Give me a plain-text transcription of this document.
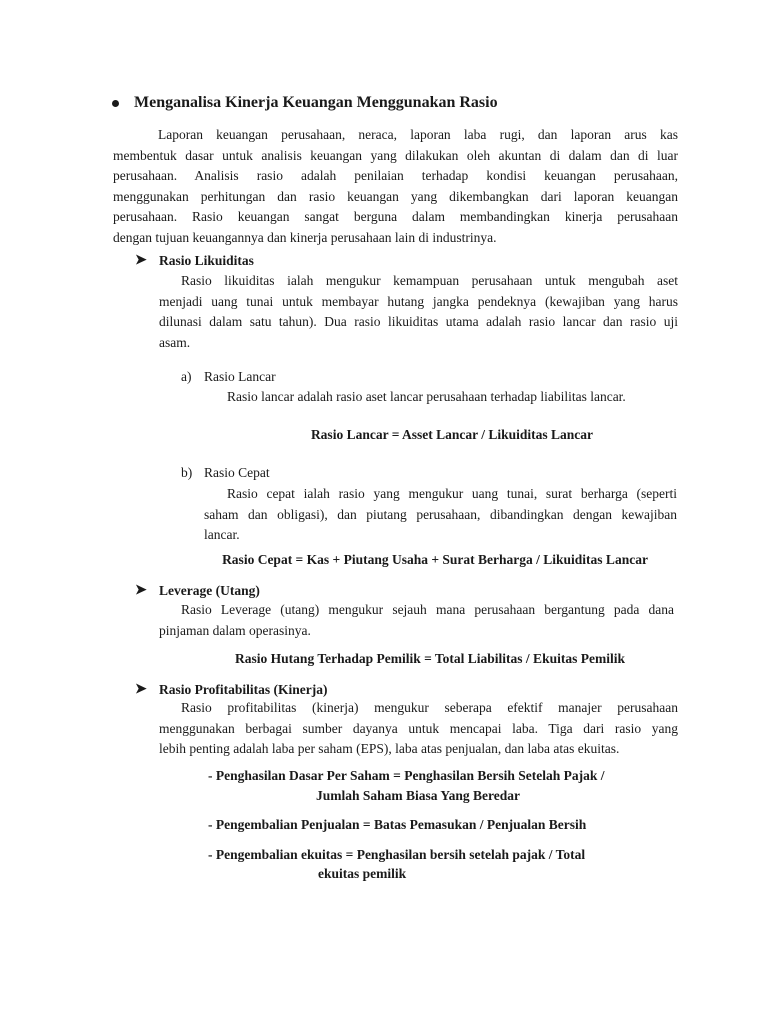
Menganalisa Kinerja Keuangan Menggunakan Rasio
Laporan keuangan perusahaan, neraca, laporan laba rugi, dan laporan arus kas
membentuk dasar untuk analisis keuangan yang dilakukan oleh akuntan di dalam dan di luar
perusahaan. Analisis rasio adalah penilaian terhadap kondisi keuangan perusahaan,
menggunakan perhitungan dan rasio keuangan yang dikembangkan dari laporan keuangan
perusahaan. Rasio keuangan sangat berguna dalam membandingkan kinerja perusahaan
dengan tujuan keuangannya dan kinerja perusahaan lain di industrinya.
➤ Rasio Likuiditas
Rasio likuiditas ialah mengukur kemampuan perusahaan untuk mengubah aset
menjadi uang tunai untuk membayar hutang jangka pendeknya (kewajiban yang harus
dilunasi dalam satu tahun). Dua rasio likuiditas utama adalah rasio lancar dan rasio uji
asam.
a) Rasio Lancar
Rasio lancar adalah rasio aset lancar perusahaan terhadap liabilitas lancar.
Rasio Lancar = Asset Lancar / Likuiditas Lancar
b) Rasio Cepat
Rasio cepat ialah rasio yang mengukur uang tunai, surat berharga (seperti
saham dan obligasi), dan piutang perusahaan, dibandingkan dengan kewajiban
lancar.
Rasio Cepat = Kas + Piutang Usaha + Surat Berharga / Likuiditas Lancar
➤ Leverage (Utang)
Rasio Leverage (utang) mengukur sejauh mana perusahaan bergantung pada dana
pinjaman dalam operasinya.
Rasio Hutang Terhadap Pemilik = Total Liabilitas / Ekuitas Pemilik
➤ Rasio Profitabilitas (Kinerja)
Rasio profitabilitas (kinerja) mengukur seberapa efektif manajer perusahaan
menggunakan berbagai sumber dayanya untuk mencapai laba. Tiga dari rasio yang
lebih penting adalah laba per saham (EPS), laba atas penjualan, dan laba atas ekuitas.
- Penghasilan Dasar Per Saham = Penghasilan Bersih Setelah Pajak /
Jumlah Saham Biasa Yang Beredar
- Pengembalian Penjualan = Batas Pemasukan / Penjualan Bersih
- Pengembalian ekuitas = Penghasilan bersih setelah pajak / Total
ekuitas pemilik
